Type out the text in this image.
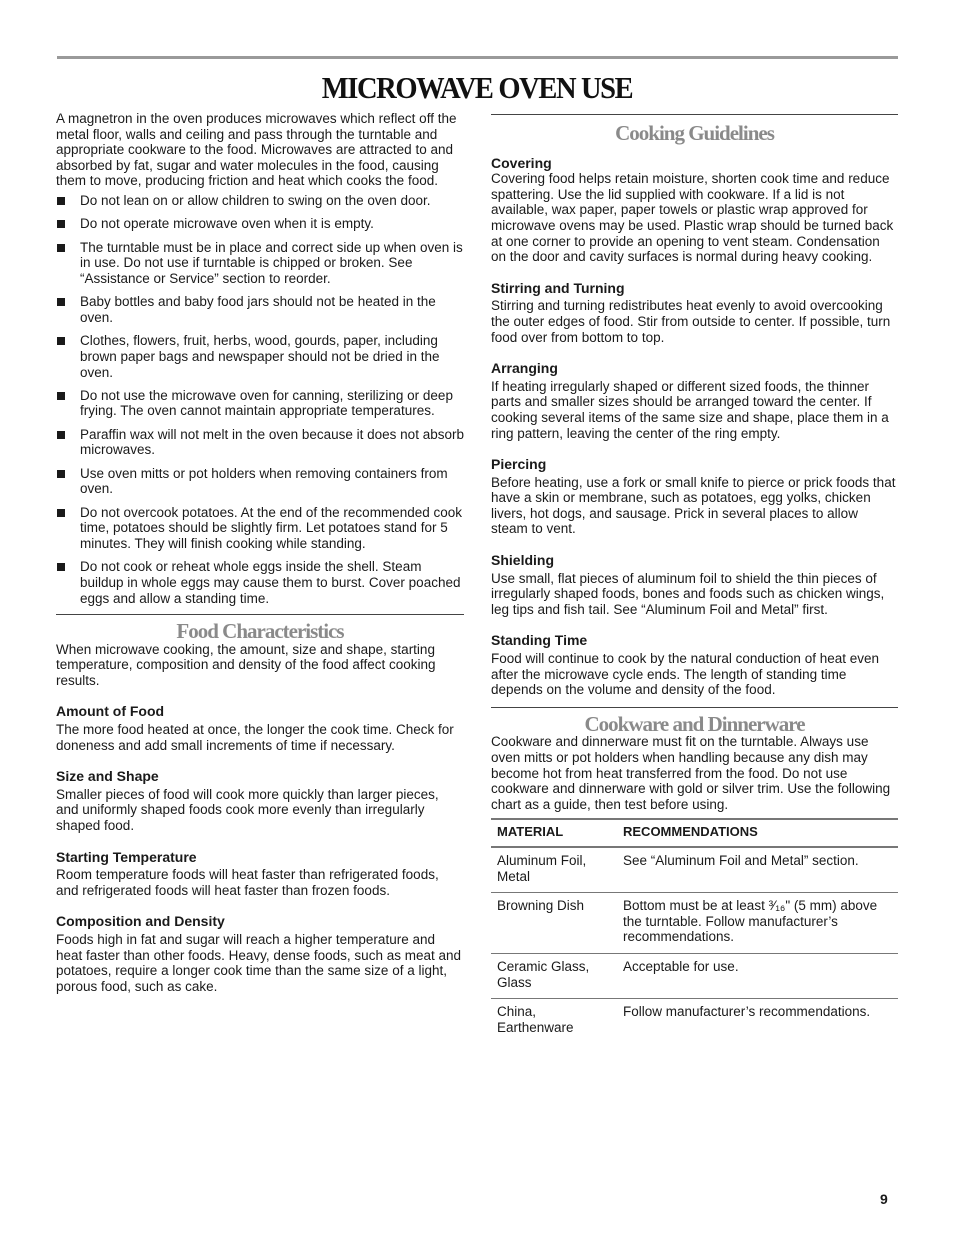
MICROWAVE OVEN USE

A magnetron in the oven produces microwaves which reflect off the metal floor, walls and ceiling and pass through the turntable and appropriate cookware to the food. Microwaves are attracted to and absorbed by fat, sugar and water molecules in the food, causing them to move, producing friction and heat which cooks the food.

Do not lean on or allow children to swing on the oven door.
Do not operate microwave oven when it is empty.
The turntable must be in place and correct side up when oven is in use. Do not use if turntable is chipped or broken. See “Assistance or Service” section to reorder.
Baby bottles and baby food jars should not be heated in the oven.
Clothes, flowers, fruit, herbs, wood, gourds, paper, including brown paper bags and newspaper should not be dried in the oven.
Do not use the microwave oven for canning, sterilizing or deep frying. The oven cannot maintain appropriate temperatures.
Paraffin wax will not melt in the oven because it does not absorb microwaves.
Use oven mitts or pot holders when removing containers from oven.
Do not overcook potatoes. At the end of the recommended cook time, potatoes should be slightly firm. Let potatoes stand for 5 minutes. They will finish cooking while standing.
Do not cook or reheat whole eggs inside the shell. Steam buildup in whole eggs may cause them to burst. Cover poached eggs and allow a standing time.
Food Characteristics

When microwave cooking, the amount, size and shape, starting temperature, composition and density of the food affect cooking results.

Amount of Food

The more food heated at once, the longer the cook time. Check for doneness and add small increments of time if necessary.

Size and Shape

Smaller pieces of food will cook more quickly than larger pieces, and uniformly shaped foods cook more evenly than irregularly shaped food.

Starting Temperature

Room temperature foods will heat faster than refrigerated foods, and refrigerated foods will heat faster than frozen foods.

Composition and Density

Foods high in fat and sugar will reach a higher temperature and heat faster than other foods. Heavy, dense foods, such as meat and potatoes, require a longer cook time than the same size of a light, porous food, such as cake.

Cooking Guidelines

Covering

Covering food helps retain moisture, shorten cook time and reduce spattering. Use the lid supplied with cookware. If a lid is not available, wax paper, paper towels or plastic wrap approved for microwave ovens may be used. Plastic wrap should be turned back at one corner to provide an opening to vent steam. Condensation on the door and cavity surfaces is normal during heavy cooking.

Stirring and Turning

Stirring and turning redistributes heat evenly to avoid overcooking the outer edges of food. Stir from outside to center. If possible, turn food over from bottom to top.

Arranging

If heating irregularly shaped or different sized foods, the thinner parts and smaller sizes should be arranged toward the center. If cooking several items of the same size and shape, place them in a ring pattern, leaving the center of the ring empty.

Piercing

Before heating, use a fork or small knife to pierce or prick foods that have a skin or membrane, such as potatoes, egg yolks, chicken livers, hot dogs, and sausage. Prick in several places to allow steam to vent.

Shielding

Use small, flat pieces of aluminum foil to shield the thin pieces of irregularly shaped foods, bones and foods such as chicken wings, leg tips and fish tail. See “Aluminum Foil and Metal” first.

Standing Time

Food will continue to cook by the natural conduction of heat even after the microwave cycle ends. The length of standing time depends on the volume and density of the food.

Cookware and Dinnerware

Cookware and dinnerware must fit on the turntable. Always use oven mitts or pot holders when handling because any dish may become hot from heat transferred from the food. Do not use cookware and dinnerware with gold or silver trim. Use the following chart as a guide, then test before using.

MATERIAL	RECOMMENDATIONS
Aluminum Foil, Metal	See “Aluminum Foil and Metal” section.
Browning Dish	Bottom must be at least ³⁄₁₆" (5 mm) above the turntable. Follow manufacturer’s recommendations.
Ceramic Glass, Glass	Acceptable for use.
China, Earthenware	Follow manufacturer’s recommendations.
9
